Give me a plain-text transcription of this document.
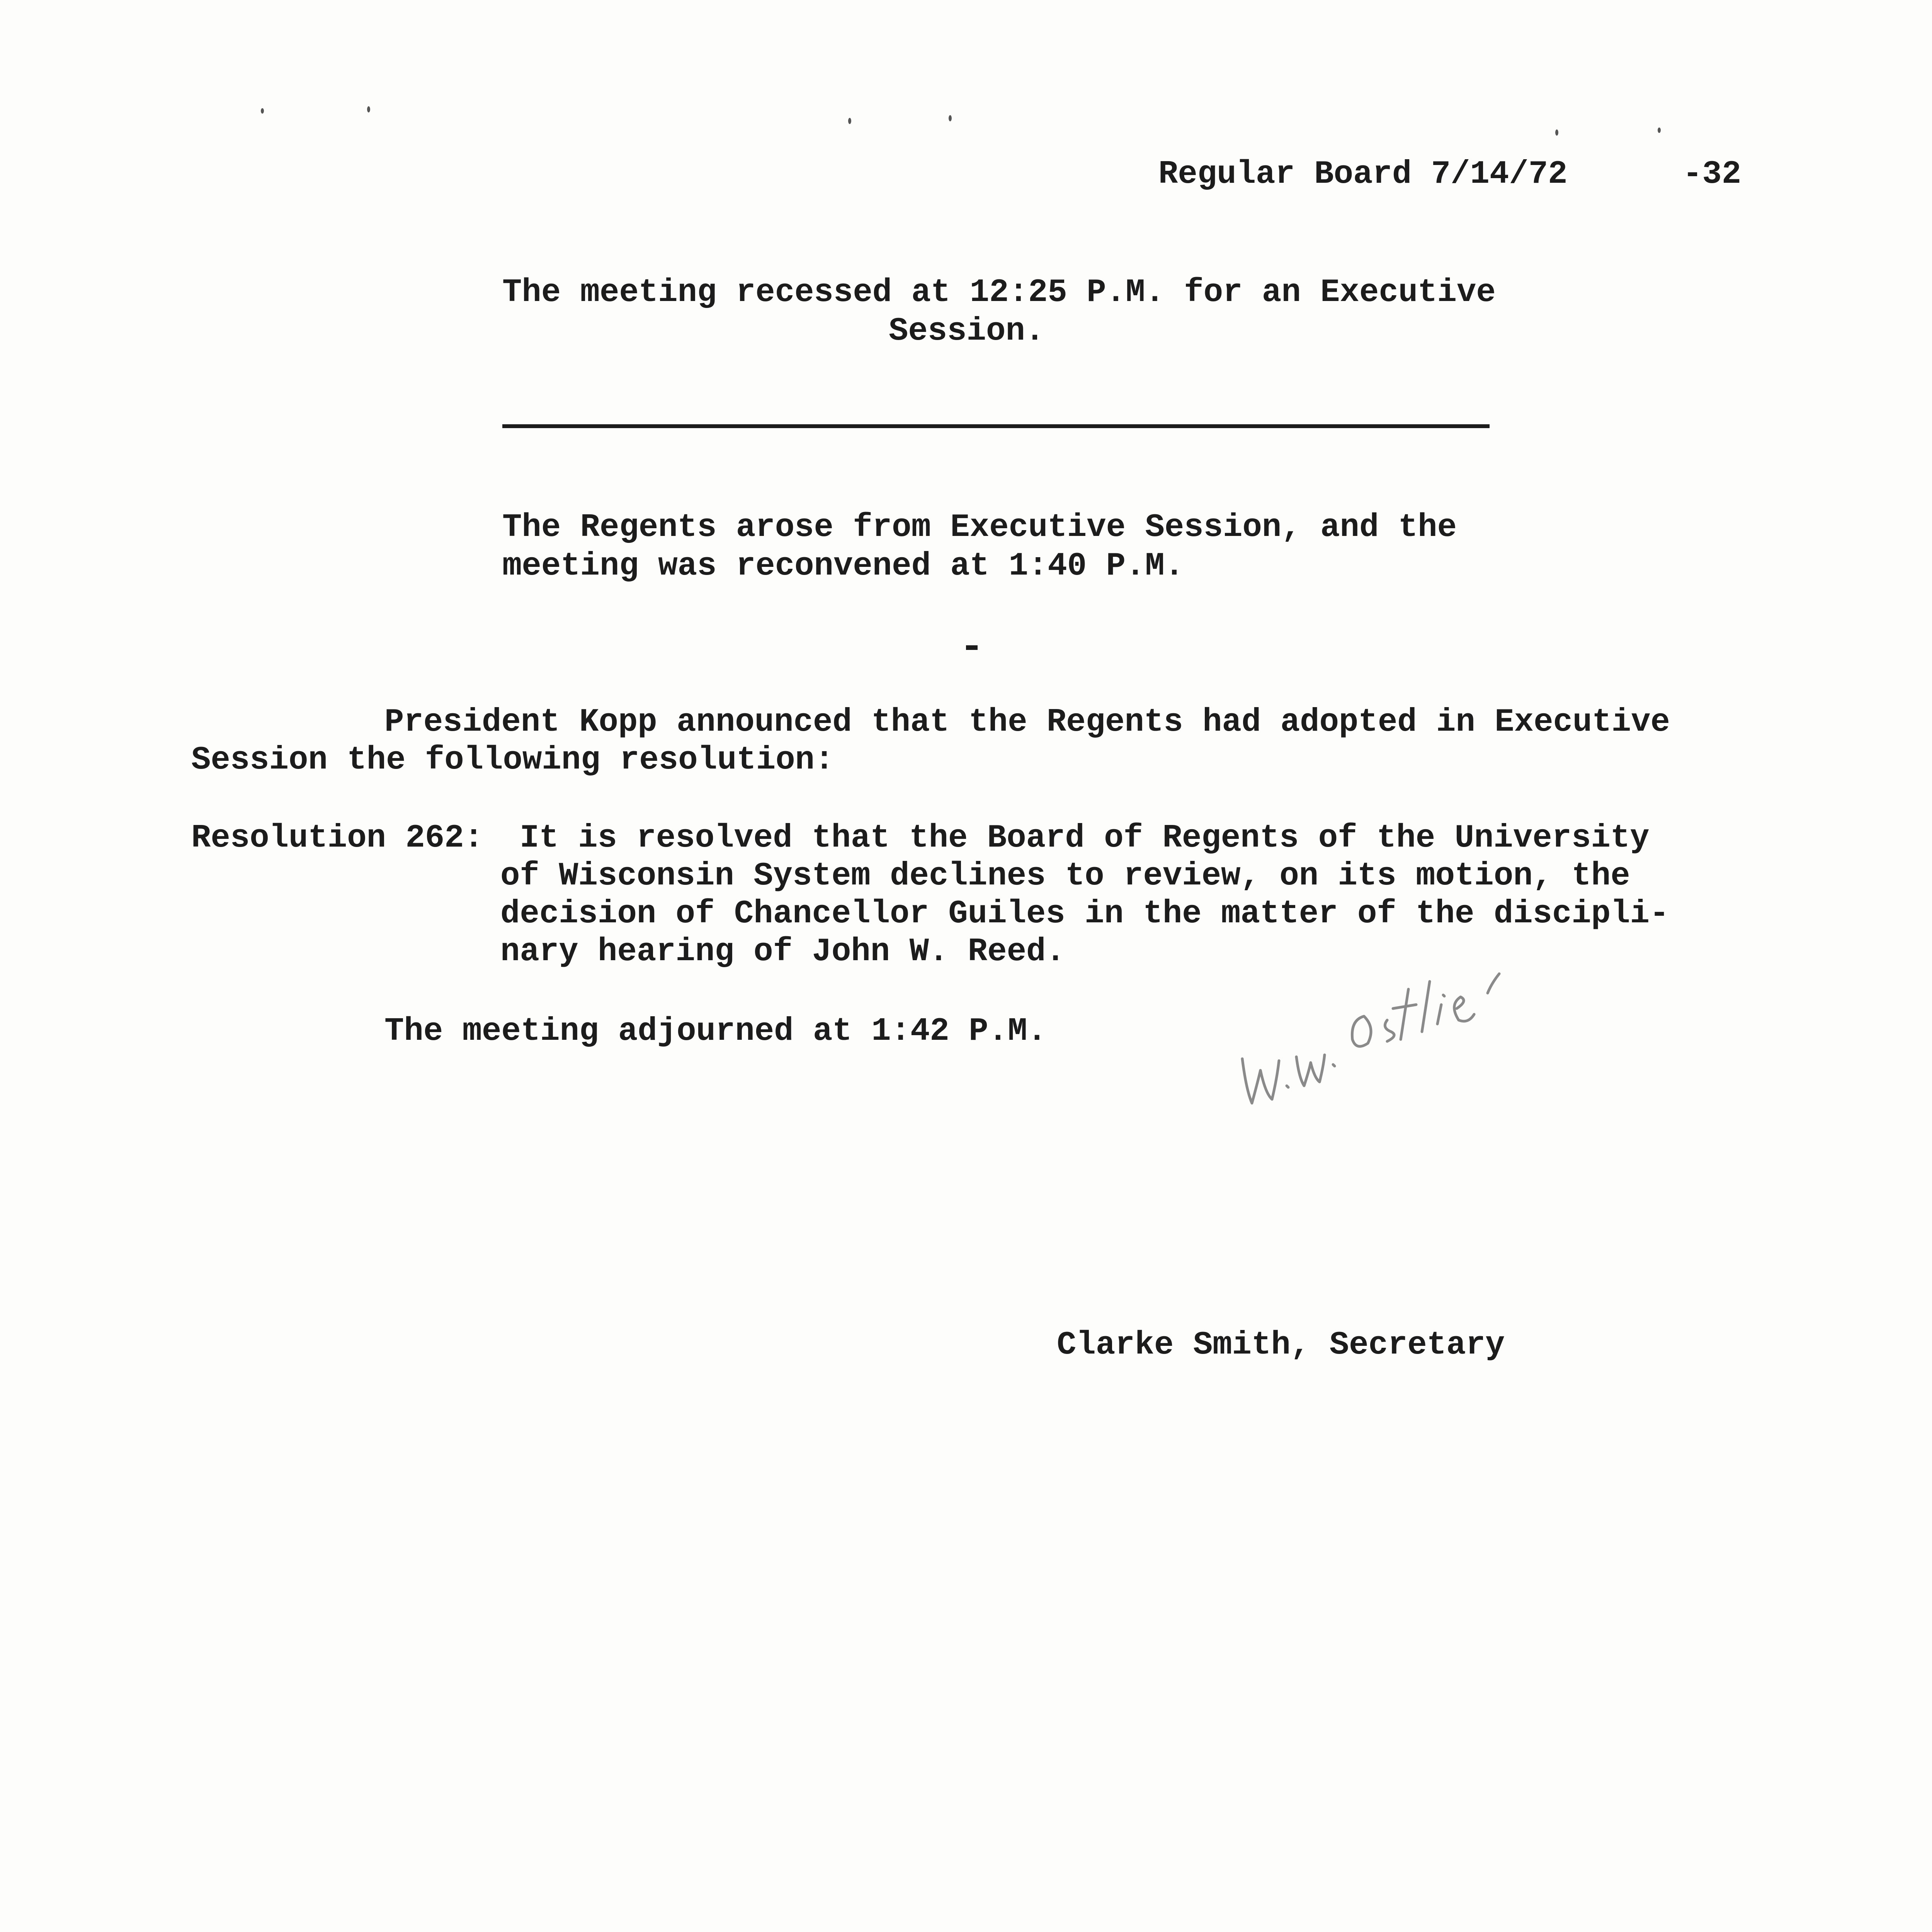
Regular Board 7/14/72	-32
The meeting recessed at 12:25 P.M. for an Executive
Session.
The Regents arose from Executive Session, and the
meeting was reconvened at 1:40 P.M.
President Kopp announced that the Regents had adopted in Executive
Session the following resolution:
Resolution 262: It is resolved that the Board of Regents of the University
of Wisconsin System declines to review, on its motion, the
decision of Chancellor Guiles in the matter of the discipli-
nary hearing of John W. Reed.
The meeting adjourned at 1:42 P.M.
Clarke Smith, Secretary
